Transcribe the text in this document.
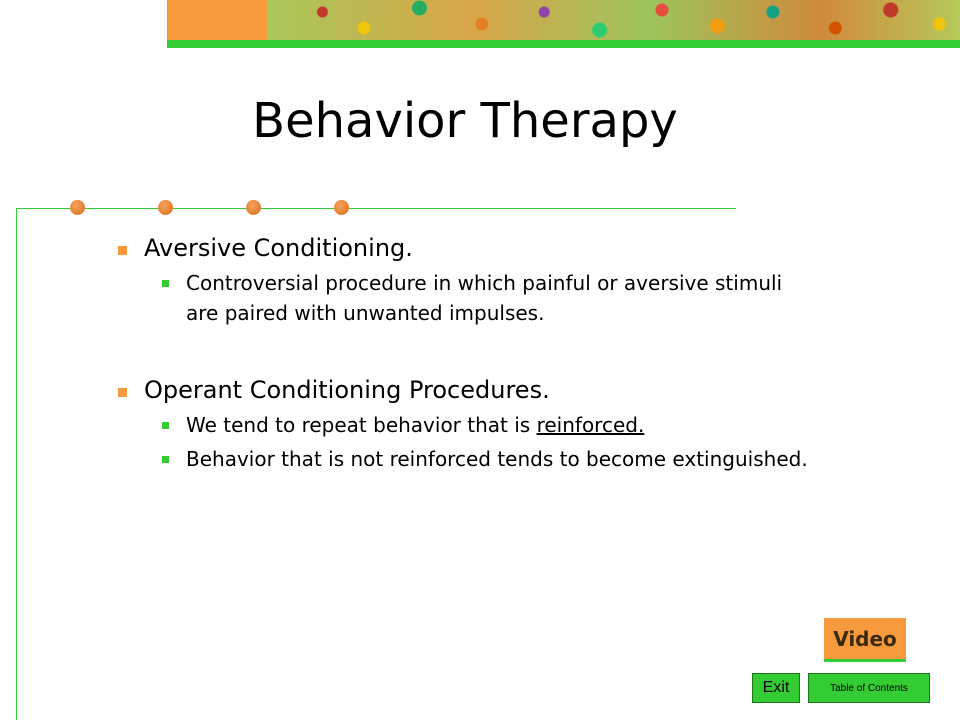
Behavior Therapy
Aversive Conditioning.
Controversial procedure in which painful or aversive stimuli are paired with unwanted impulses.
Operant Conditioning Procedures.
We tend to repeat behavior that is reinforced.
Behavior that is not reinforced tends to become extinguished.
Video
Exit	Table of Contents
